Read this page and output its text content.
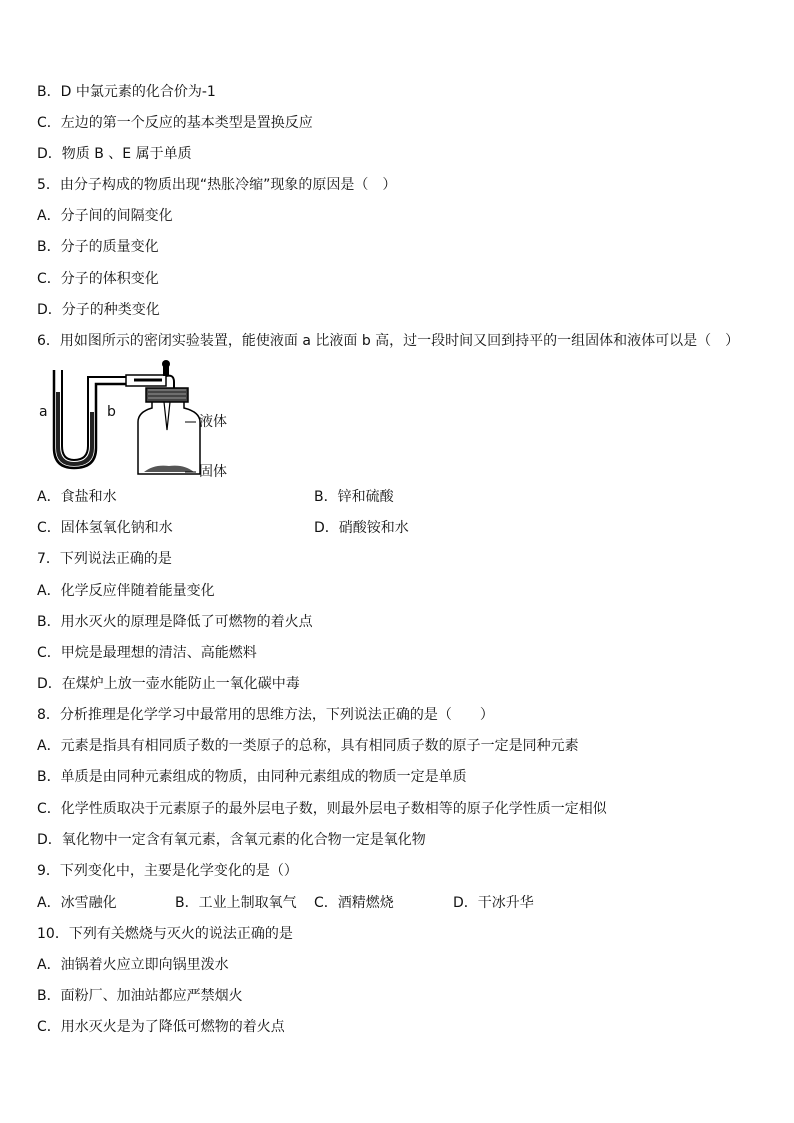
B．D 中氯元素的化合价为-1
C．左边的第一个反应的基本类型是置换反应
D．物质 B 、E 属于单质
5．由分子构成的物质出现“热胀冷缩”现象的原因是（　）
A．分子间的间隔变化
B．分子的质量变化
C．分子的体积变化
D．分子的种类变化
6．用如图所示的密闭实验装置，能使液面 a 比液面 b 高，过一段时间又回到持平的一组固体和液体可以是（　）
a	b
液体
固体
A．食盐和水	B．锌和硫酸
C．固体氢氧化钠和水	D．硝酸铵和水
7．下列说法正确的是
A．化学反应伴随着能量变化
B．用水灭火的原理是降低了可燃物的着火点
C．甲烷是最理想的清洁、高能燃料
D．在煤炉上放一壶水能防止一氧化碳中毒
8．分析推理是化学学习中最常用的思维方法，下列说法正确的是（　　）
A．元素是指具有相同质子数的一类原子的总称，具有相同质子数的原子一定是同种元素
B．单质是由同种元素组成的物质，由同种元素组成的物质一定是单质
C．化学性质取决于元素原子的最外层电子数，则最外层电子数相等的原子化学性质一定相似
D．氧化物中一定含有氧元素，含氧元素的化合物一定是氧化物
9．下列变化中，主要是化学变化的是（）
A．冰雪融化	B．工业上制取氧气 C．酒精燃烧	D．干冰升华
10．下列有关燃烧与灭火的说法正确的是
A．油锅着火应立即向锅里泼水
B．面粉厂、加油站都应严禁烟火
C．用水灭火是为了降低可燃物的着火点
